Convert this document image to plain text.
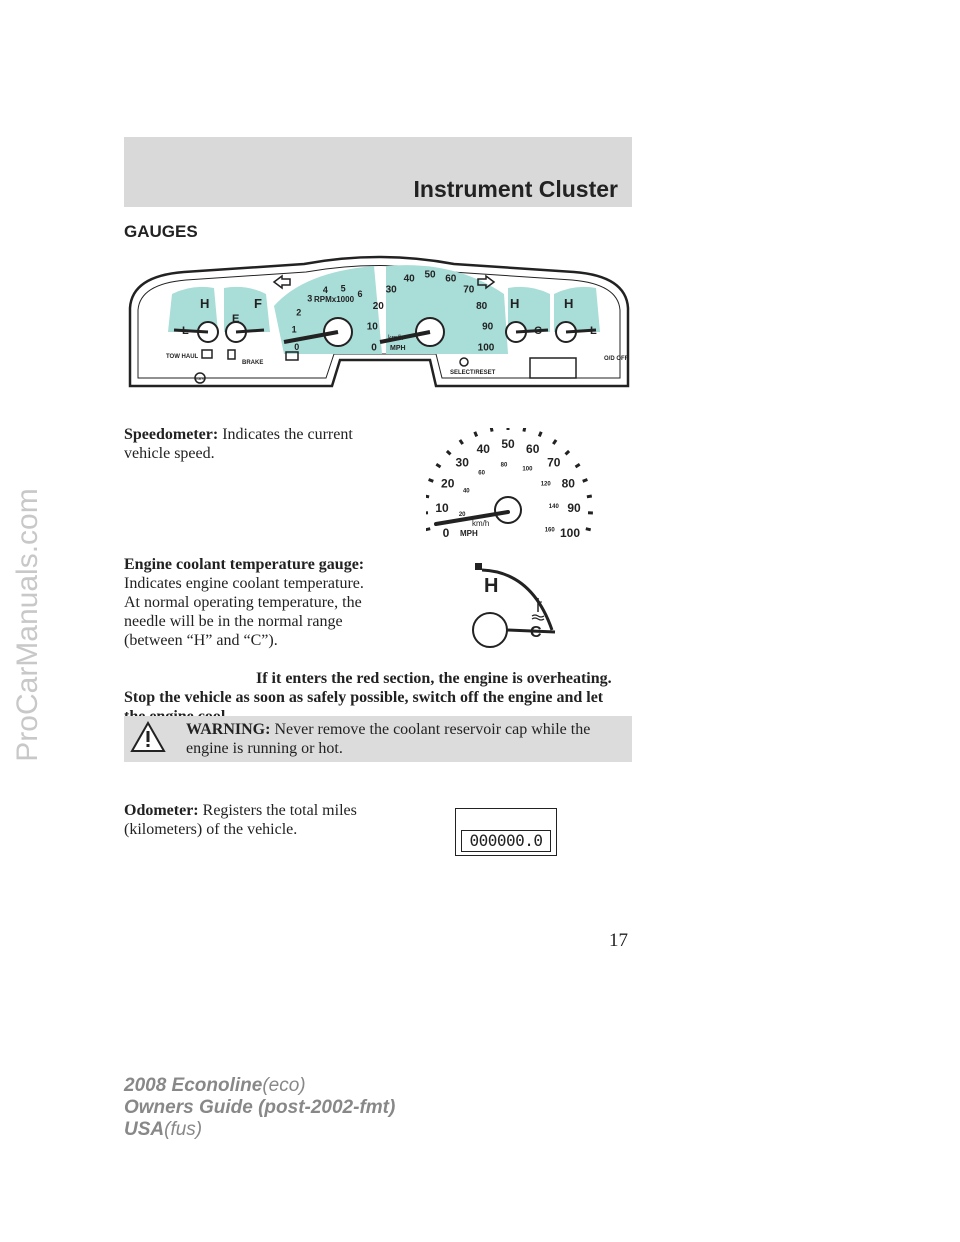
ProCarManuals.com
Instrument Cluster
GAUGES
H
L
F
E
H
C
H
L
RPMx1000
0
1
2
3
4 5
6
0
10
20
30
40 50 60
70
80
90
100
km/h
MPH
TOW HAUL
BRAKE
ABS
SELECT/RESET
O/D OFF
Speedometer: Indicates the current vehicle speed.
0
10
20
30
40 50 60
70
80
90
100
20
40
60
80
100
120
140
160
km/h
MPH
Engine coolant temperature gauge: Indicates engine coolant temperature. At normal operating temperature, the needle will be in the normal range (between “H” and “C”).
If it enters the red section, the engine is overheating. Stop the vehicle as soon as safely possible, switch off the engine and let
H
C
WARNING: Never remove the coolant reservoir cap while the engine is running or hot.
Odometer: Registers the total miles (kilometers) of the vehicle.
000000.0
17
2008 Econoline(eco)
Owners Guide (post-2002-fmt)
USA(fus)
